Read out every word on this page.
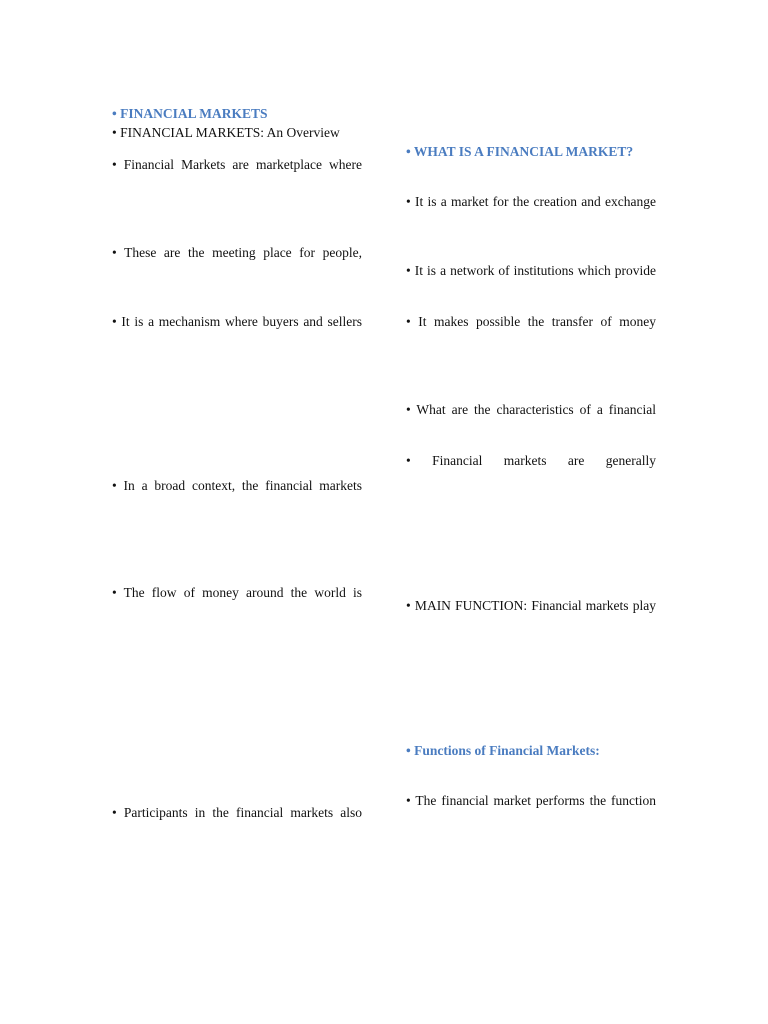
• FINANCIAL MARKETS
• FINANCIAL MARKETS: An Overview
• Financial Markets are marketplace where
• These are the meeting place for people,
• It is a mechanism where buyers and sellers
• In a broad context, the financial markets
• The flow of money around the world is
• Participants in the financial markets also
• WHAT IS A FINANCIAL MARKET?
• It is a market for the creation and exchange
• It is a network of institutions which provide
• It makes possible the transfer of money
• What are the characteristics of a financial
• Financial markets are generally
• MAIN FUNCTION: Financial markets play
• Functions of Financial Markets:
• The financial market performs the function
